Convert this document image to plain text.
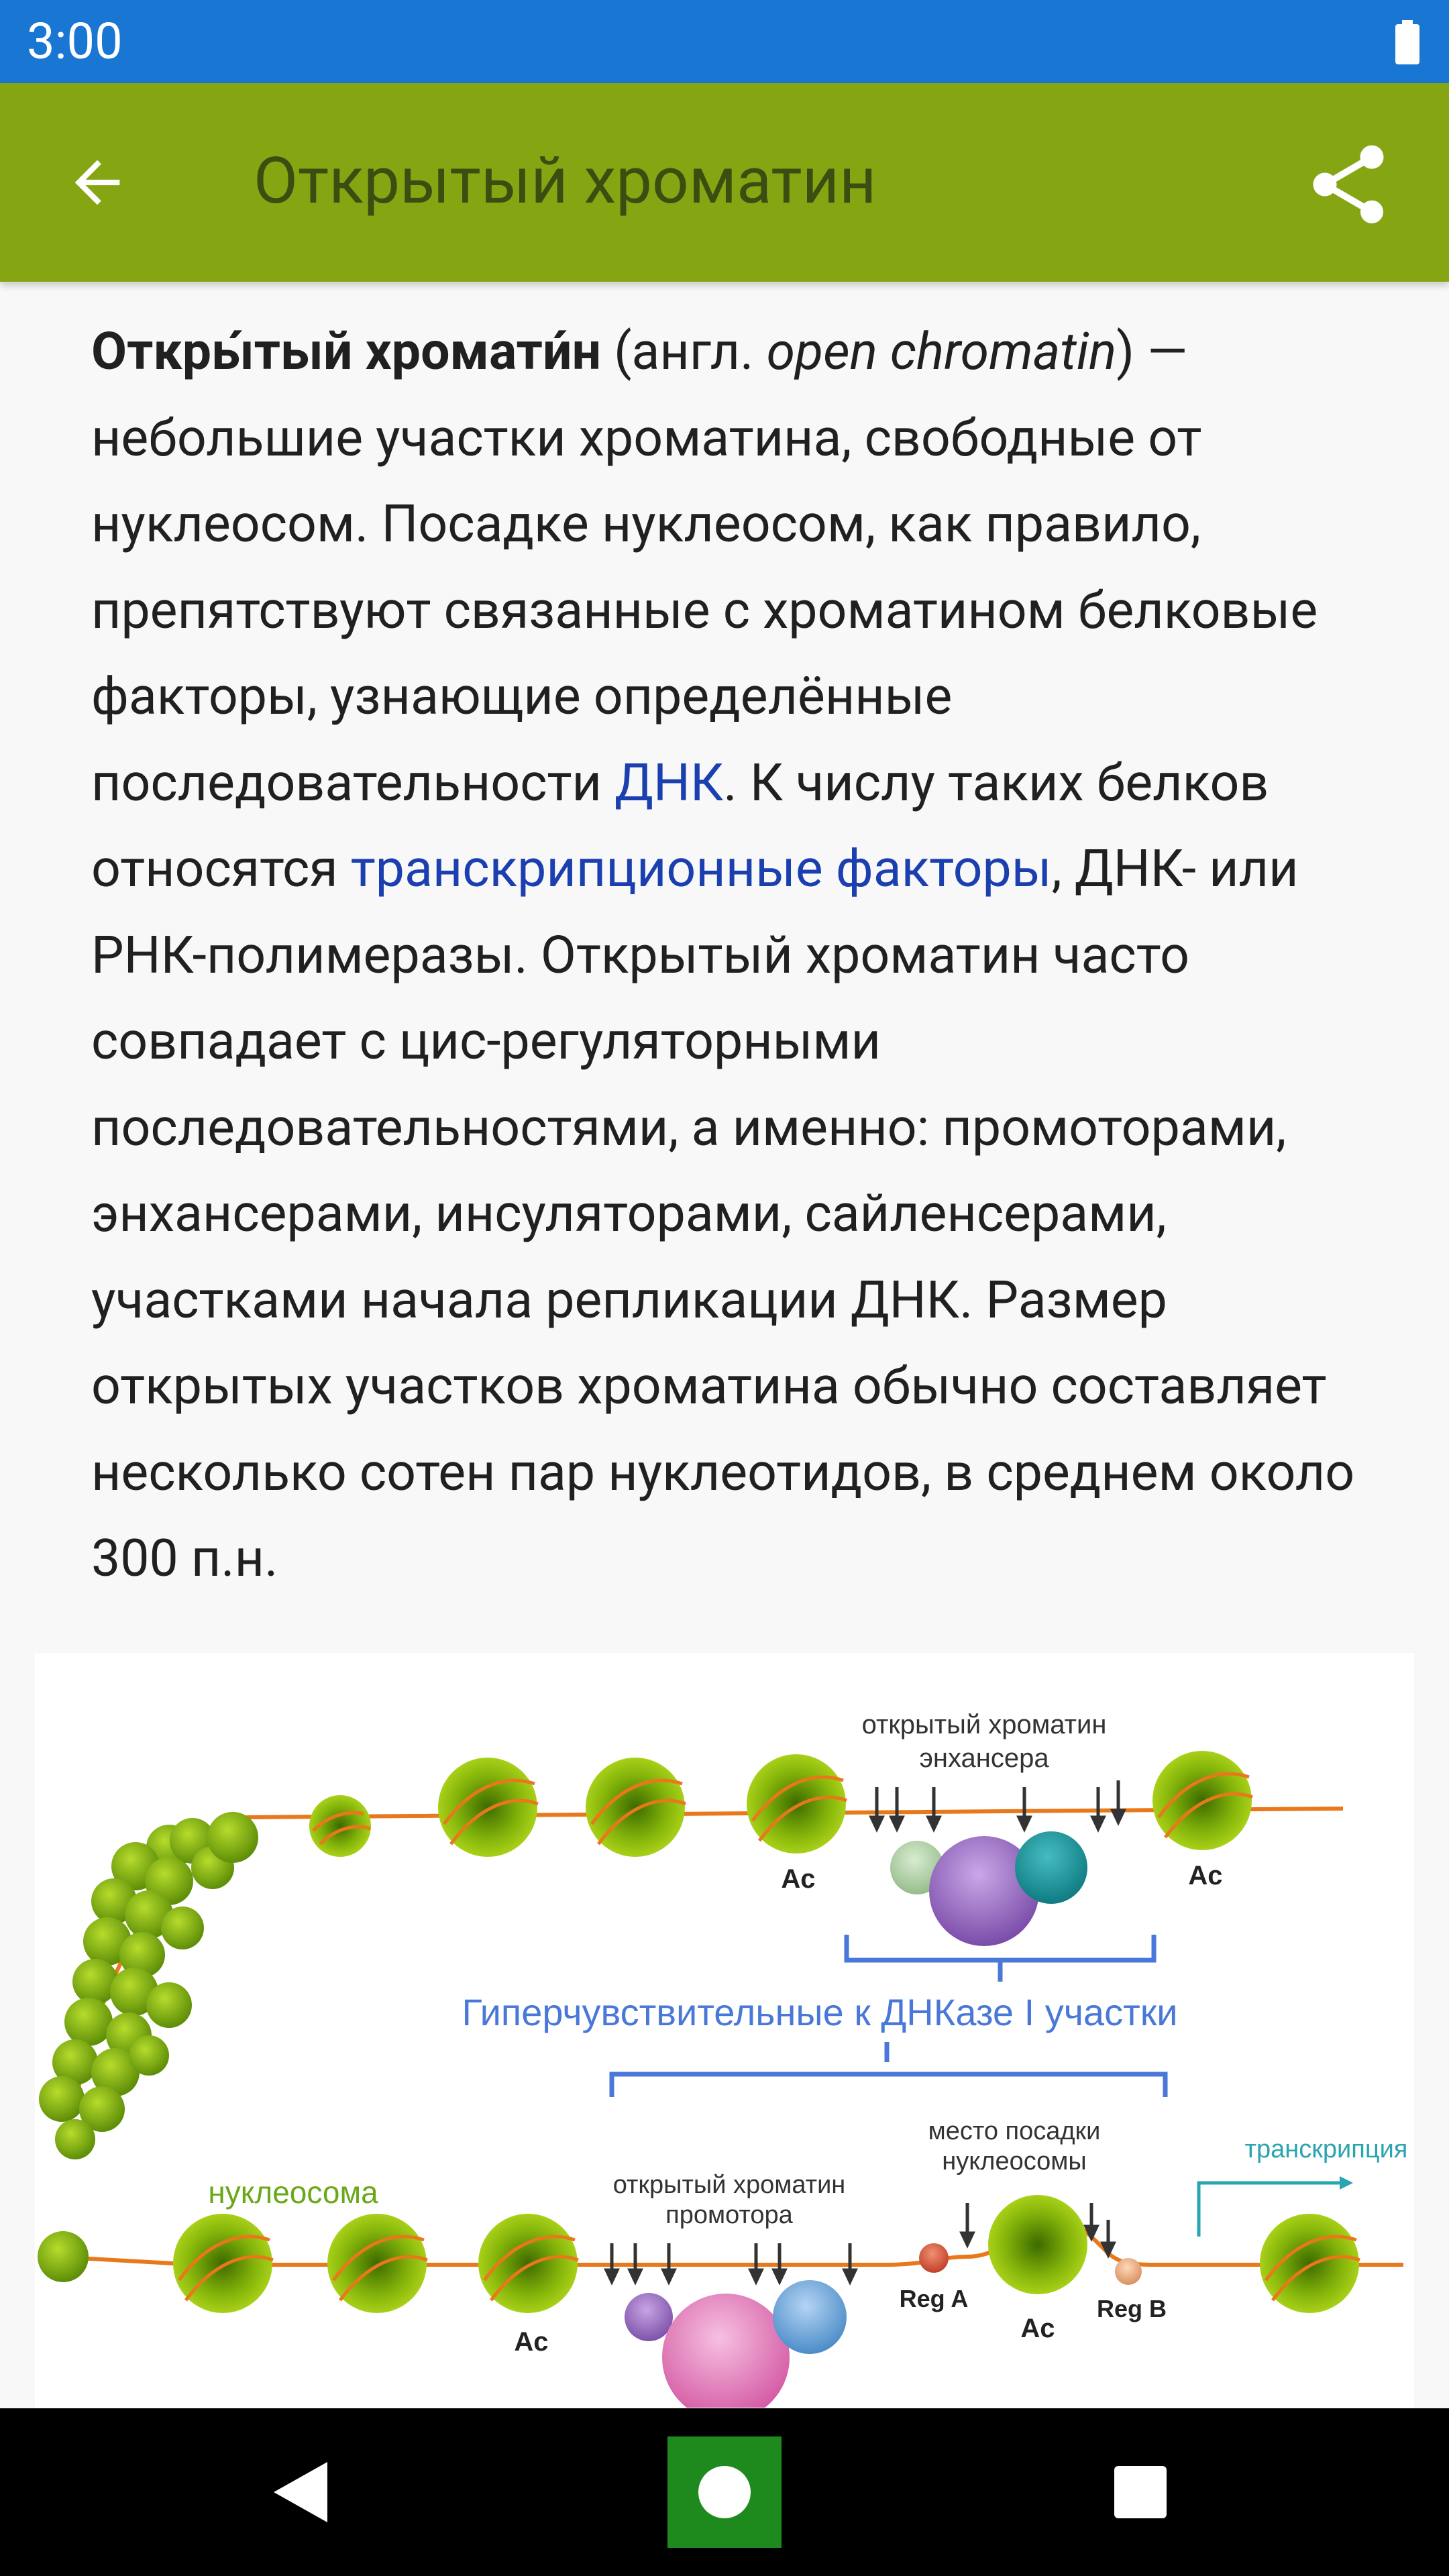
3:00
Открытый хроматин
Откры́тый хромати́н (англ. open chromatin) — небольшие участки хроматина, свободные от нуклеосом. Посадке нуклеосом, как правило, препятствуют связанные с хроматином белковые факторы, узнающие определённые последовательности ДНК. К числу таких белков относятся транскрипционные факторы, ДНК- или РНК-полимеразы. Открытый хроматин часто совпадает с цис-регуляторными последовательностями, а именно: промоторами, энхансерами, инсуляторами, сайленсерами, участками начала репликации ДНК. Размер открытых участков хроматина обычно составляет несколько сотен пар нуклеотидов, в среднем около 300 п.н.
открытый хроматин
энхансера
Ac	Ac
Гиперчувствительные к ДНКазе I участки
нуклеосома	открытый хроматин
промотора
место посадки
нуклеосомы	транскрипция
Ac	Ac
Reg A	Reg B
